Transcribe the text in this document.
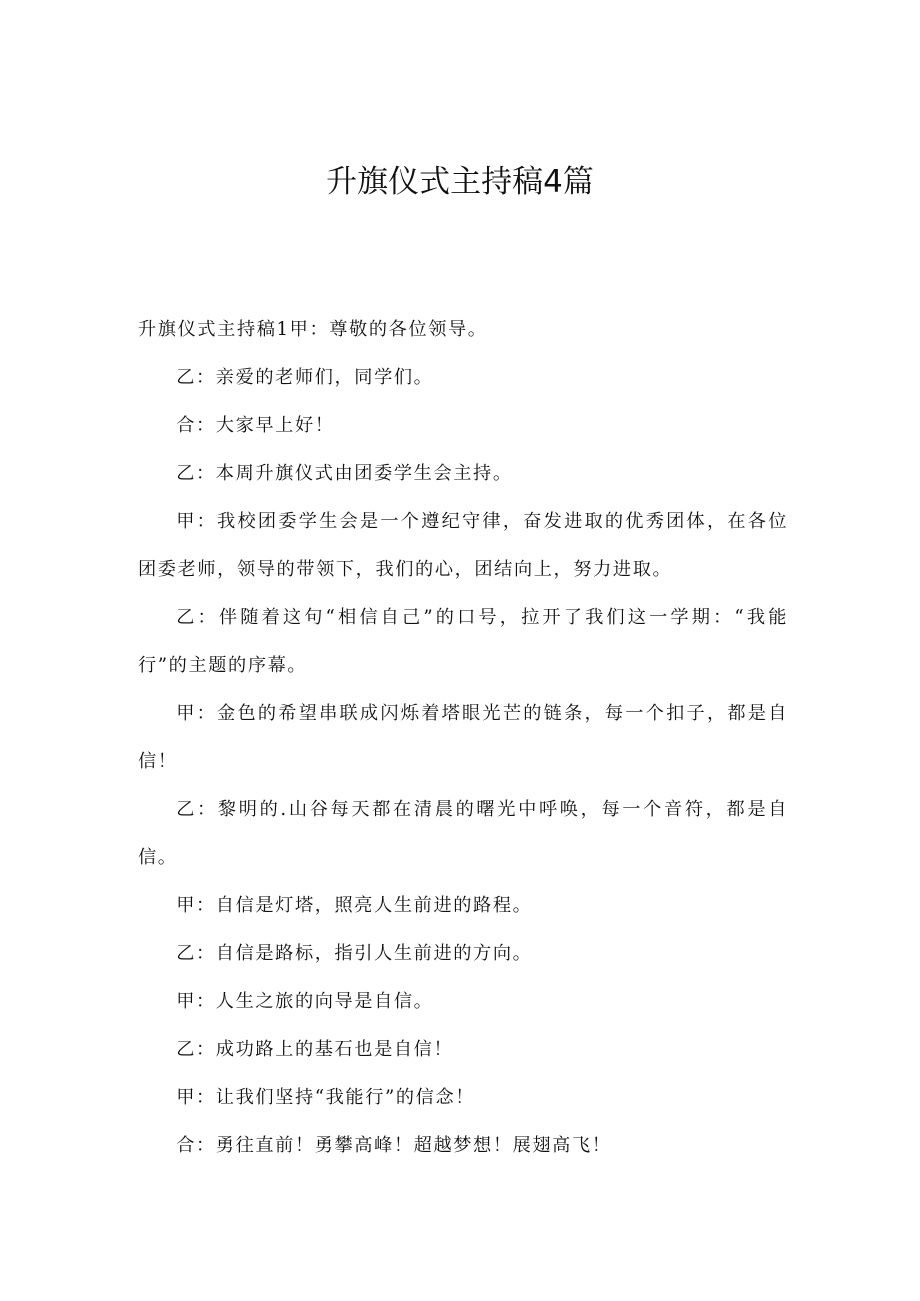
升旗仪式主持稿4篇

升旗仪式主持稿1甲：尊敬的各位领导。

乙：亲爱的老师们，同学们。

合：大家早上好！

乙：本周升旗仪式由团委学生会主持。

甲：我校团委学生会是一个遵纪守律，奋发进取的优秀团体，在各位团委老师，领导的带领下，我们的心，团结向上，努力进取。

乙：伴随着这句“相信自己”的口号，拉开了我们这一学期：“我能行”的主题的序幕。

甲：金色的希望串联成闪烁着塔眼光芒的链条，每一个扣子，都是自信！

乙：黎明的.山谷每天都在清晨的曙光中呼唤，每一个音符，都是自信。

甲：自信是灯塔，照亮人生前进的路程。

乙：自信是路标，指引人生前进的方向。

甲：人生之旅的向导是自信。

乙：成功路上的基石也是自信！

甲：让我们坚持“我能行”的信念！

合：勇往直前！勇攀高峰！超越梦想！展翅高飞！
